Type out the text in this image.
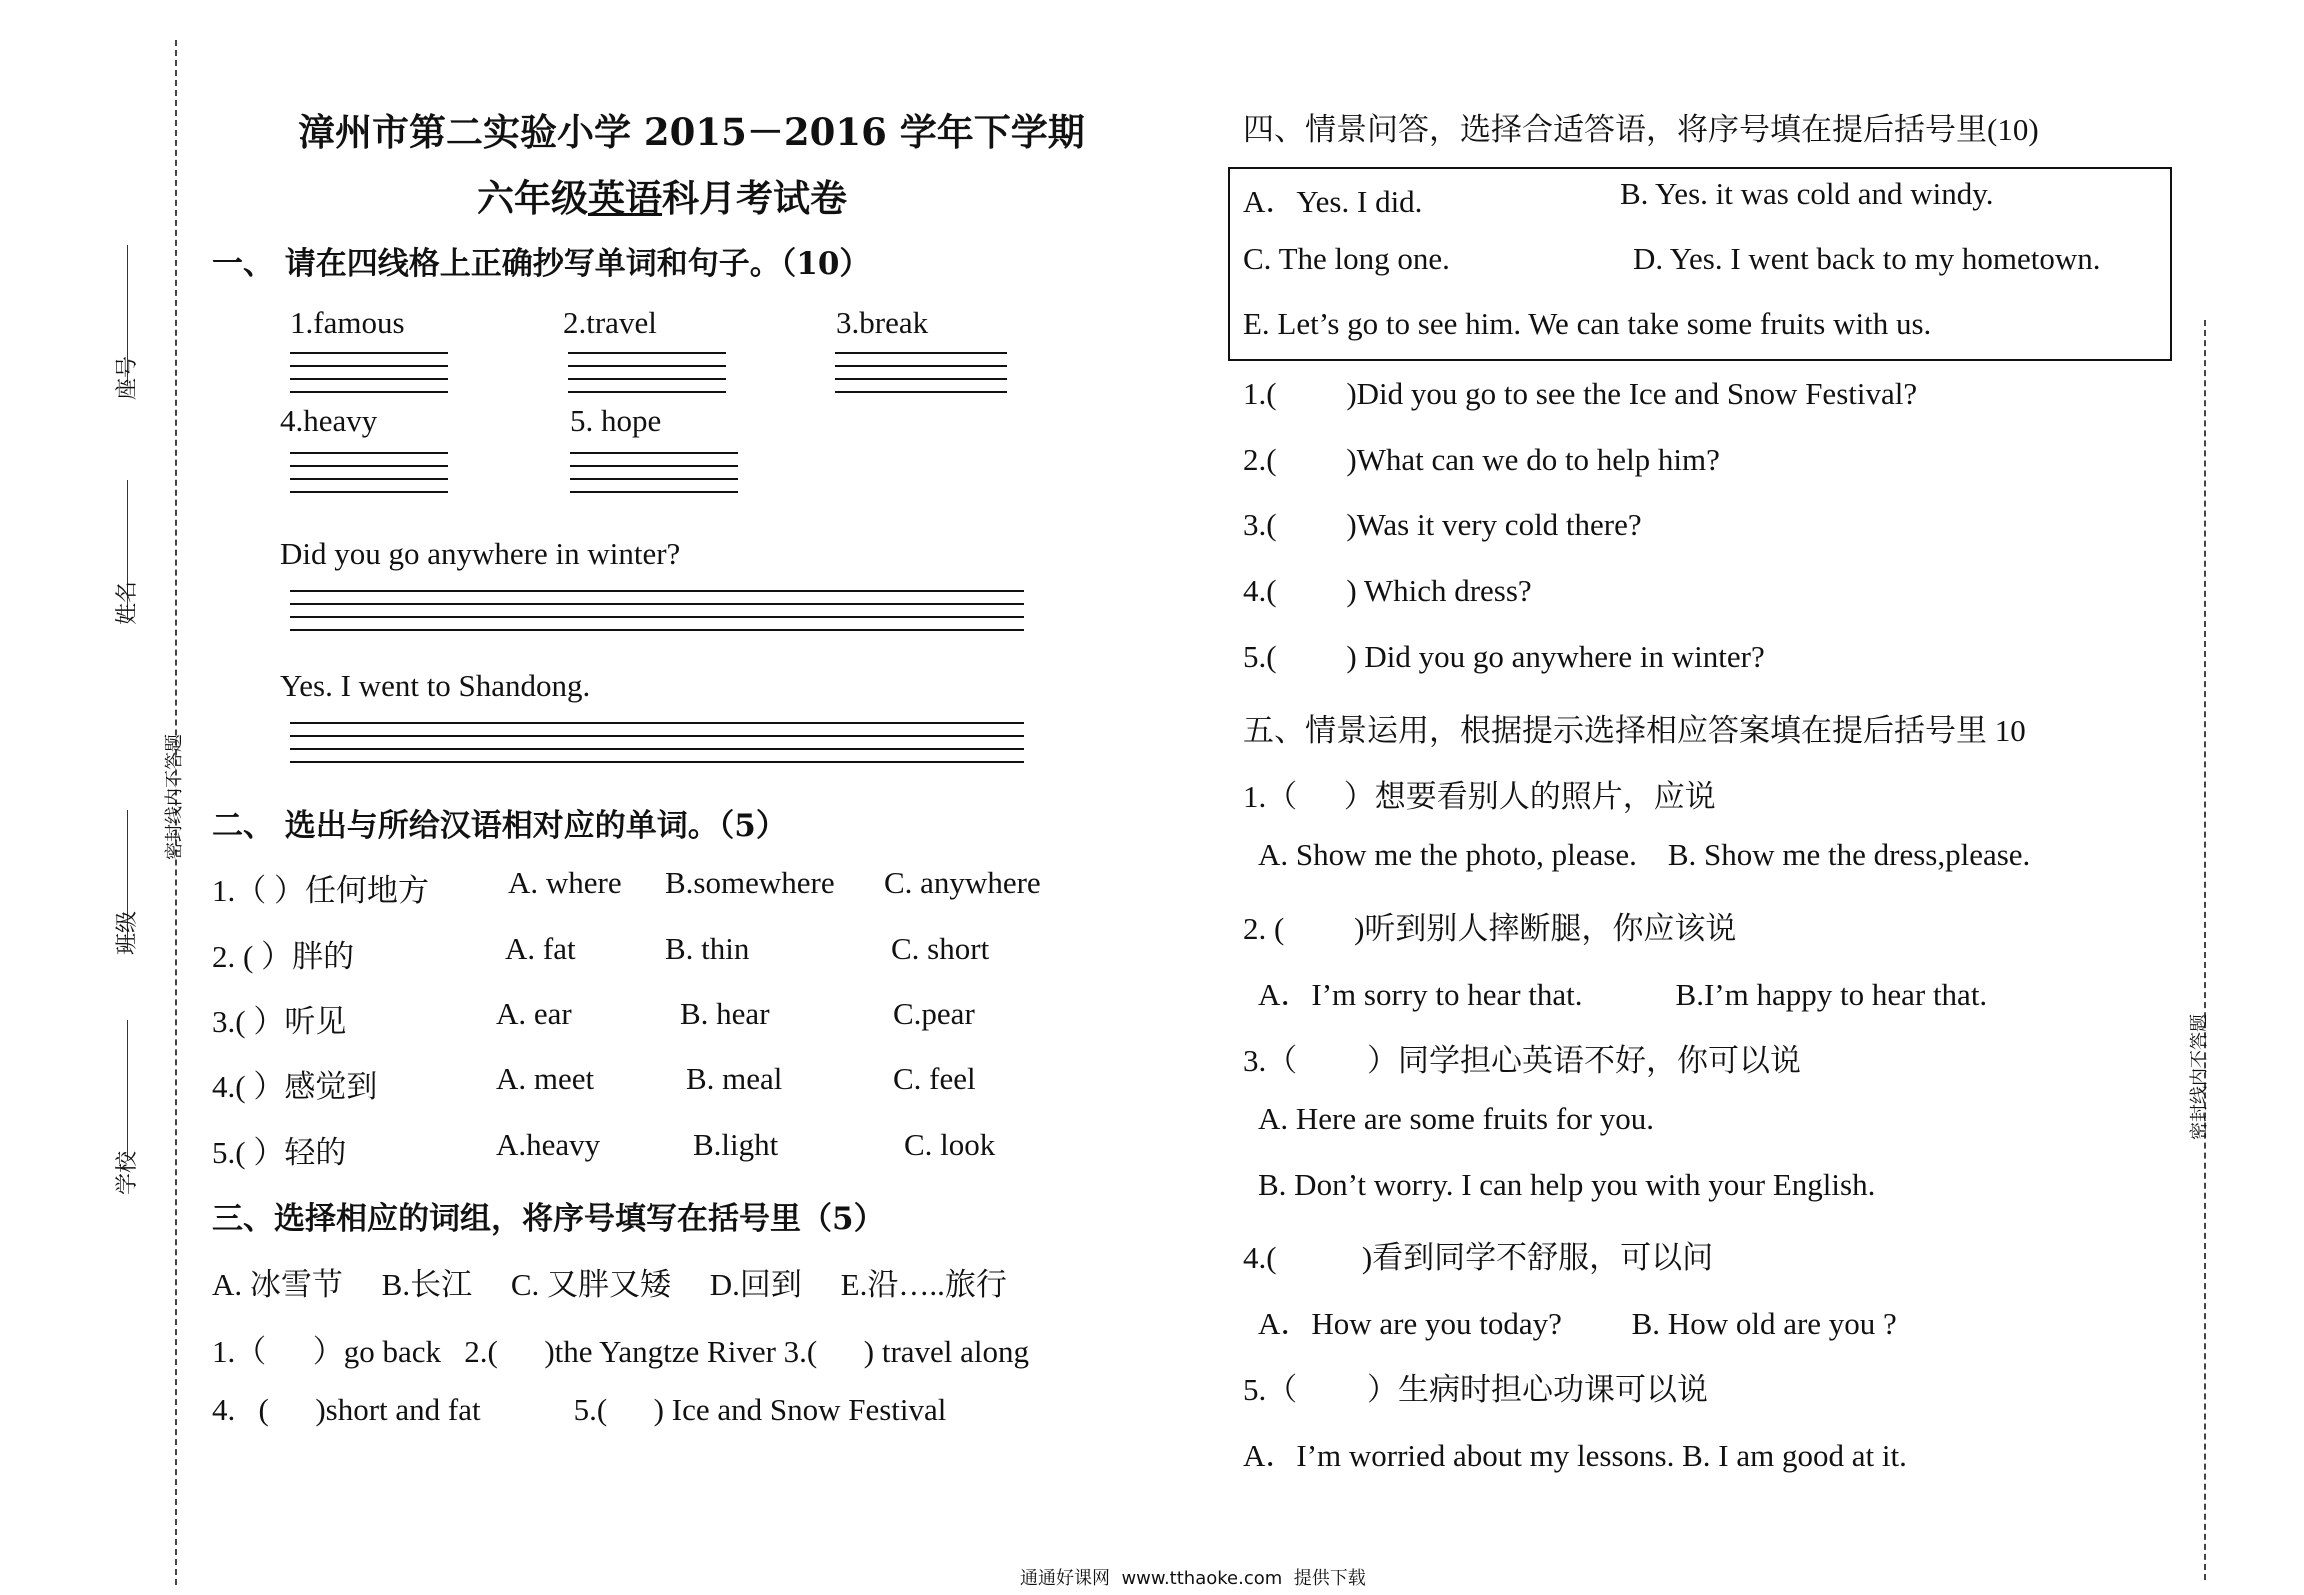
座号
姓名
班级
学校
密封线内不答题
密封线内不答题
漳州市第二实验小学 2015－2016 学年下学期
六年级英语科月考试卷
一、 请在四线格上正确抄写单词和句子。（10）
1.famous	2.travel	3.break
4.heavy	5. hope
Did you go anywhere in winter?
Yes. I went to Shandong.
二、 选出与所给汉语相对应的单词。（5）
1.（ ）任何地方	A. where B.somewhere C. anywhere
2. ( ）胖的	A. fat	B. thin	C. short
3.( ）听见	A. ear	B. hear	C.pear
4.( ）感觉到	A. meet	B. meal	C. feel
5.( ）轻的	A.heavy	B.light	C. look
三、选择相应的词组，将序号填写在括号里（5）
A. 冰雪节     B.长江     C. 又胖又矮     D.回到     E.沿…..旅行
1.（      ）go back   2.(      )the Yangtze River 3.(      ) travel along
4.   (      )short and fat            5.(      ) Ice and Snow Festival
四、情景问答，选择合适答语，将序号填在提后括号里(10)
A．Yes. I did.	B. Yes. it was cold and windy.
C. The long one.	D. Yes. I went back to my hometown.
E. Let’s go to see him. We can take some fruits with us.
1.(         )Did you go to see the Ice and Snow Festival?
2.(         )What can we do to help him?
3.(         )Was it very cold there?
4.(         ) Which dress?
5.(         ) Did you go anywhere in winter?
五、情景运用，根据提示选择相应答案填在提后括号里 10
1.（      ）想要看别人的照片，应说
A. Show me the photo, please.    B. Show me the dress,please.
2. (         )听到别人摔断腿，你应该说
A．I’m sorry to hear that.            B.I’m happy to hear that.
3.（         ）同学担心英语不好，你可以说
A. Here are some fruits for you.
B. Don’t worry. I can help you with your English.
4.(           )看到同学不舒服，可以问
A．How are you today?         B. How old are you ?
5.（         ）生病时担心功课可以说
A．I’m worried about my lessons. B. I am good at it.
通通好课网  www.tthaoke.com  提供下载
